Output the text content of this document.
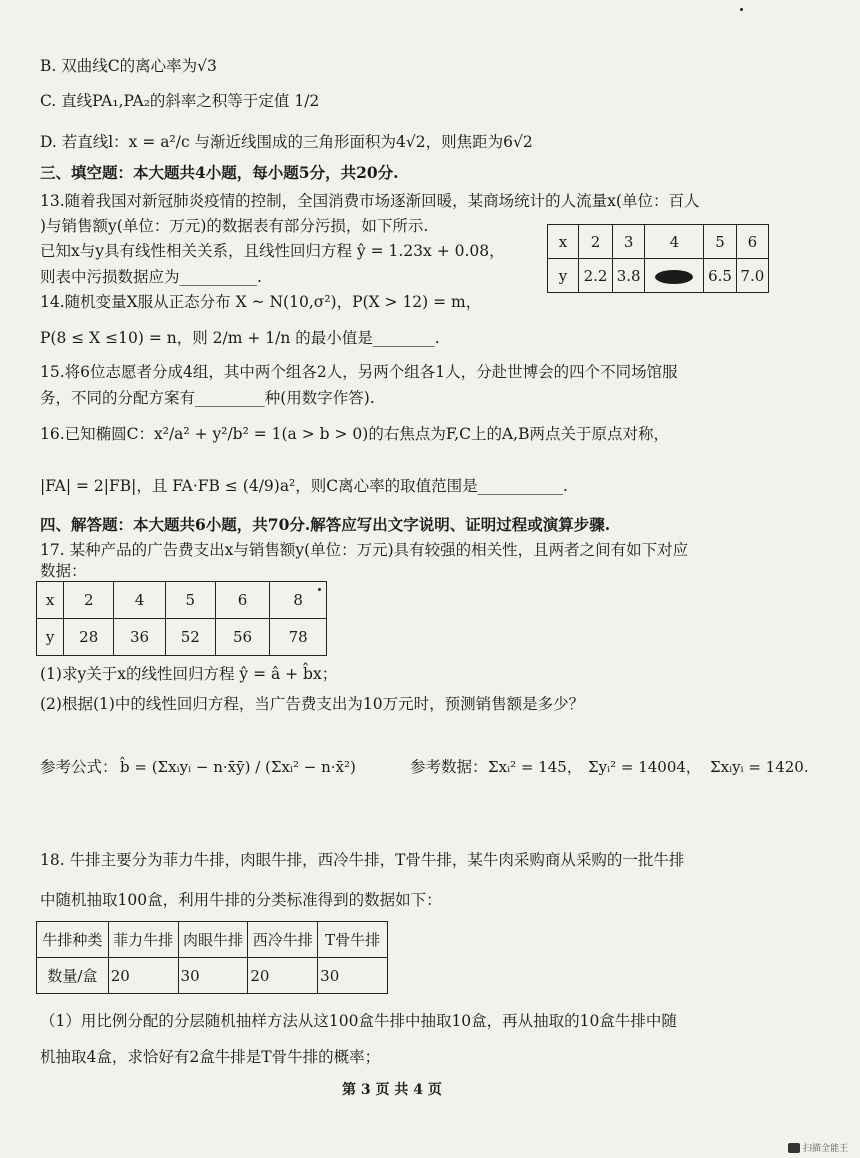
B. 双曲线C的离心率为√3
C. 直线PA₁,PA₂的斜率之积等于定值 1/2
D. 若直线l：x = a²/c 与渐近线围成的三角形面积为4√2，则焦距为6√2
三、填空题：本大题共4小题，每小题5分，共20分.
13.随着我国对新冠肺炎疫情的控制，全国消费市场逐渐回暖，某商场统计的人流量x(单位：百人
)与销售额y(单位：万元)的数据表有部分污损，如下所示.
已知x与y具有线性相关关系，且线性回归方程 ŷ = 1.23x + 0.08，
则表中污损数据应为__________.
x	2	3	4	5	6
y	2.2	3.8		6.5	7.0
14.随机变量X服从正态分布 X ~ N(10,σ²)，P(X > 12) = m，
P(8 ≤ X ≤10) = n，则 2/m + 1/n 的最小值是________.
15.将6位志愿者分成4组，其中两个组各2人，另两个组各1人，分赴世博会的四个不同场馆服
务，不同的分配方案有_________种(用数字作答).
16.已知椭圆C：x²/a² + y²/b² = 1(a > b > 0)的右焦点为F,C上的A,B两点关于原点对称，
|FA| = 2|FB|，且 FA·FB ≤ (4/9)a²，则C离心率的取值范围是___________.
四、解答题：本大题共6小题，共70分.解答应写出文字说明、证明过程或演算步骤.
17. 某种产品的广告费支出x与销售额y(单位：万元)具有较强的相关性，且两者之间有如下对应
数据：
x	2	4	5	6	8
y	28	36	52	56	78
(1)求y关于x的线性回归方程 ŷ = â + b̂x；
(2)根据(1)中的线性回归方程，当广告费支出为10万元时，预测销售额是多少？
参考公式： b̂ = (Σxᵢyᵢ − n·x̄ȳ) / (Σxᵢ² − n·x̄²)	参考数据： Σxᵢ² = 145， Σyᵢ² = 14004， Σxᵢyᵢ = 1420.
18. 牛排主要分为菲力牛排，肉眼牛排，西冷牛排，T骨牛排，某牛肉采购商从采购的一批牛排
中随机抽取100盒，利用牛排的分类标准得到的数据如下：
牛排种类	菲力牛排	肉眼牛排	西冷牛排	T骨牛排
数量/盒	20	30	20	30
（1）用比例分配的分层随机抽样方法从这100盒牛排中抽取10盒，再从抽取的10盒牛排中随
机抽取4盒，求恰好有2盒牛排是T骨牛排的概率；
第 3 页 共 4 页
扫描全能王
